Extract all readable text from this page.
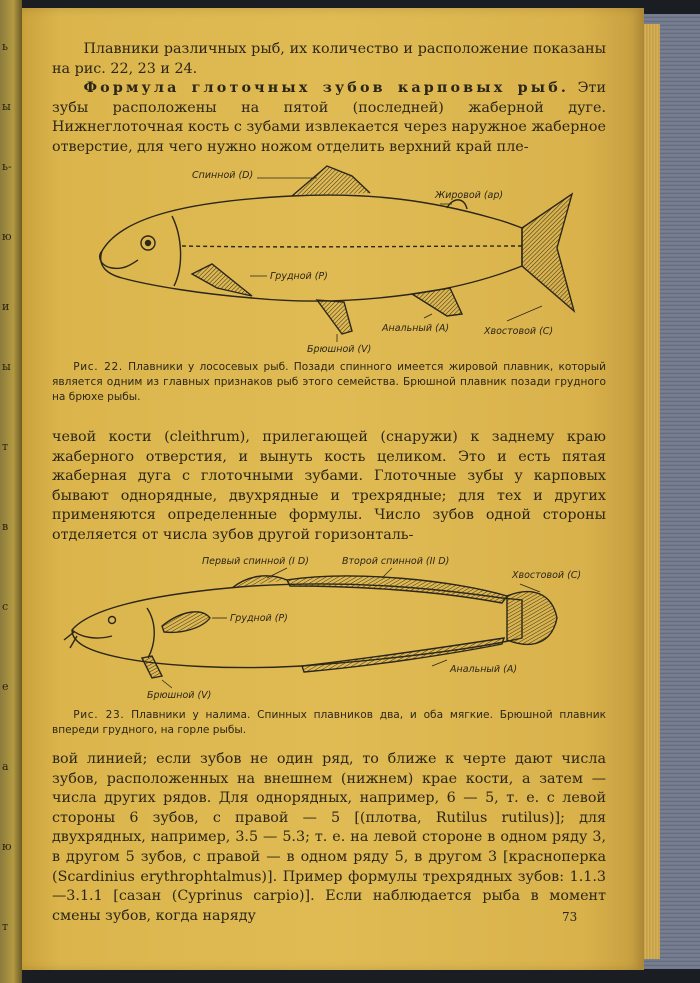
ь
ы
ь-
ю
и
ы
т
в
с
е
а
ю
т

Плавники различных рыб, их количество и расположение показаны на рис. 22, 23 и 24.

Формула глоточных зубов карповых рыб. Эти зубы расположены на пятой (последней) жаберной дуге. Нижнеглоточная кость с зубами извлекается через наружное жаберное отверстие, для чего нужно ножом отделить верхний край пле-

Спинной (D)
Жировой (ар)
Грудной (P)
Брюшной (V)
Анальный (A)	Хвостовой (C)

Рис. 22. Плавники у лососевых рыб. Позади спинного имеется жировой плавник, который является одним из главных признаков рыб этого семейства. Брюшной плавник позади грудного на брюхе рыбы.

чевой кости (cleithrum), прилегающей (снаружи) к заднему краю жаберного отверстия, и вынуть кость целиком. Это и есть пятая жаберная дуга с глоточными зубами. Глоточные зубы у карповых бывают однорядные, двухрядные и трехрядные; для тех и других применяются определенные формулы. Число зубов одной стороны отделяется от числа зубов другой горизонталь-

Первый спинной (I D)	Второй спинной (II D)
Хвостовой (C)
Грудной (P)
Брюшной (V)
Анальный (A)

Рис. 23. Плавники у налима. Спинных плавников два, и оба мягкие. Брюшной плавник впереди грудного, на горле рыбы.

вой линией; если зубов не один ряд, то ближе к черте дают числа зубов, расположенных на внешнем (нижнем) крае кости, а затем — числа других рядов. Для однорядных, например, 6 — 5, т. е. с левой стороны 6 зубов, с правой — 5 [(плотва, Rutilus rutilus)]; для двухрядных, например, 3.5 — 5.3; т. е. на левой стороне в одном ряду 3, в другом 5 зубов, с правой — в одном ряду 5, в другом 3 [красноперка (Scardinius erythrophtalmus)]. Пример формулы трехрядных зубов: 1.1.3—3.1.1 [сазан (Cyprinus carpio)]. Если наблюдается рыба в момент смены зубов, когда наряду	73
